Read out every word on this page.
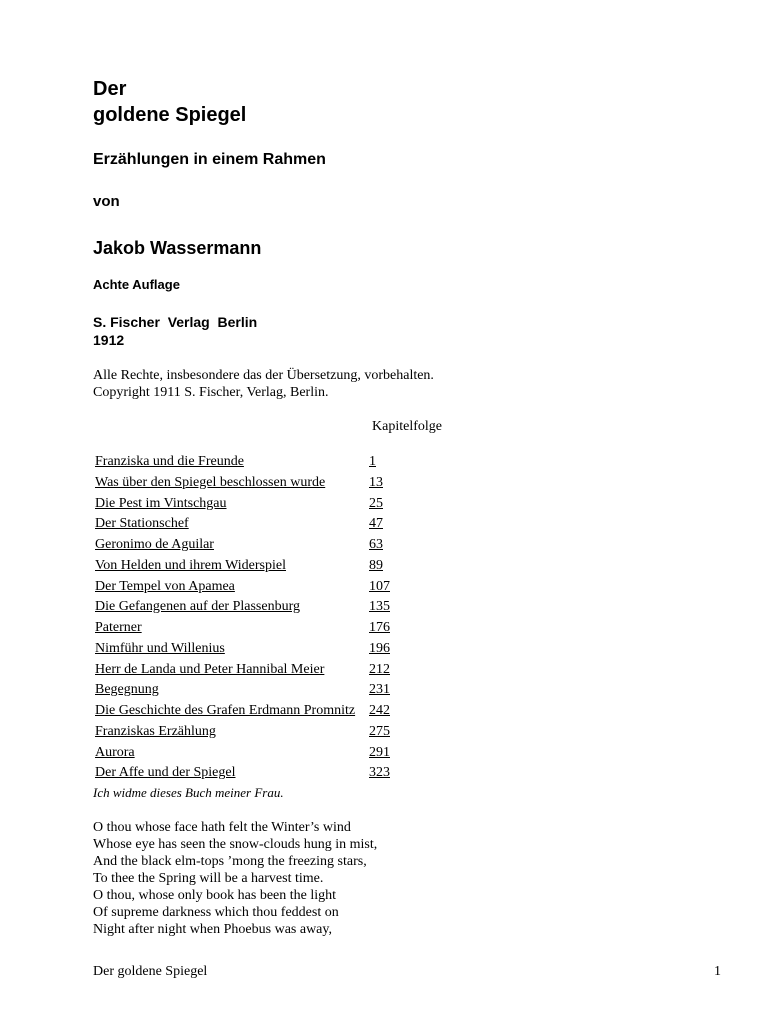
Der
goldene Spiegel
Erzählungen in einem Rahmen
von
Jakob Wassermann
Achte Auflage
S. Fischer  Verlag  Berlin
1912
Alle Rechte, insbesondere das der Übersetzung, vorbehalten.
Copyright 1911 S. Fischer, Verlag, Berlin.
Kapitelfolge
Franziska und die Freunde	1
Was über den Spiegel beschlossen wurde	13
Die Pest im Vintschgau	25
Der Stationschef	47
Geronimo de Aguilar	63
Von Helden und ihrem Widerspiel	89
Der Tempel von Apamea	107
Die Gefangenen auf der Plassenburg	135
Paterner	176
Nimführ und Willenius	196
Herr de Landa und Peter Hannibal Meier	212
Begegnung	231
Die Geschichte des Grafen Erdmann Promnitz 242
Franziskas Erzählung	275
Aurora	291
Der Affe und der Spiegel	323
Ich widme dieses Buch meiner Frau.
O thou whose face hath felt the Winter’s wind
Whose eye has seen the snow-clouds hung in mist,
And the black elm-tops ’mong the freezing stars,
To thee the Spring will be a harvest time.
O thou, whose only book has been the light
Of supreme darkness which thou feddest on
Night after night when Phoebus was away,
Der goldene Spiegel	1
